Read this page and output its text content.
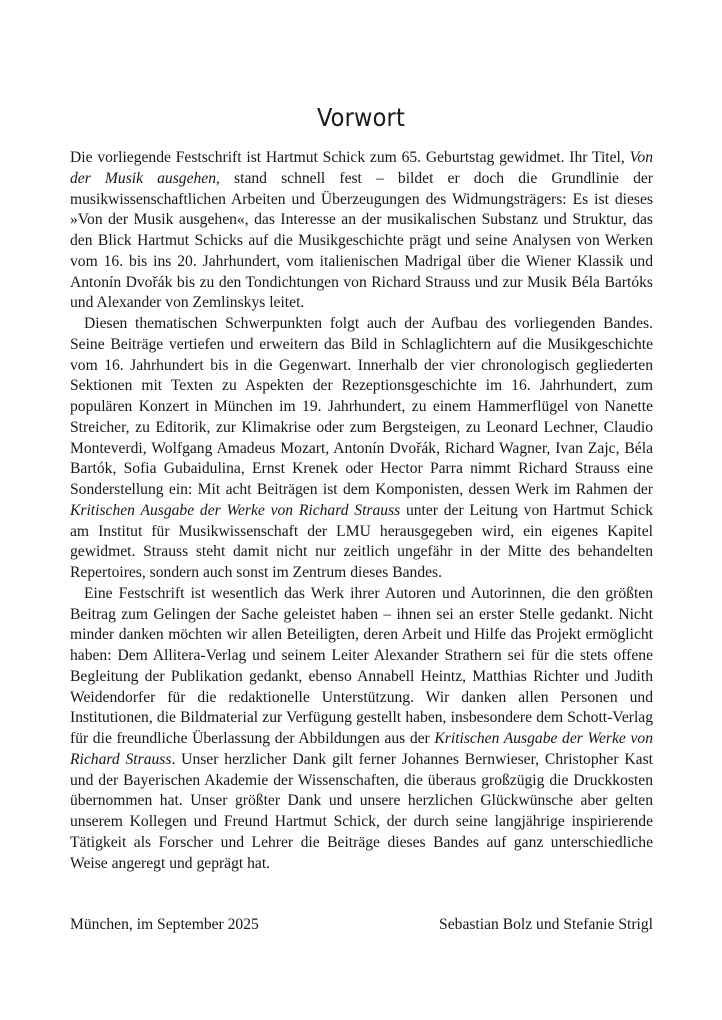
Vorwort

Die vorliegende Festschrift ist Hartmut Schick zum 65. Geburtstag gewidmet. Ihr Titel, Von der Musik ausgehen, stand schnell fest – bildet er doch die Grundlinie der musikwissenschaftlichen Arbeiten und Überzeugungen des Widmungsträgers: Es ist dieses »Von der Musik ausgehen«, das Interesse an der musikalischen Substanz und Struktur, das den Blick Hartmut Schicks auf die Musikgeschichte prägt und seine Analysen von Werken vom 16. bis ins 20. Jahrhundert, vom italienischen Madrigal über die Wiener Klassik und Antonín Dvořák bis zu den Tondichtungen von Richard Strauss und zur Musik Béla Bartóks und Alexander von Zemlinskys leitet.

Diesen thematischen Schwerpunkten folgt auch der Aufbau des vorliegenden Bandes. Seine Beiträge vertiefen und erweitern das Bild in Schlaglichtern auf die Musikgeschichte vom 16. Jahrhundert bis in die Gegenwart. Innerhalb der vier chronologisch gegliederten Sektionen mit Texten zu Aspekten der Rezeptionsgeschichte im 16. Jahrhundert, zum populären Konzert in München im 19. Jahrhundert, zu einem Hammerflügel von Nanette Streicher, zu Editorik, zur Klimakrise oder zum Bergsteigen, zu Leonard Lechner, Claudio Monteverdi, Wolfgang Amadeus Mozart, Antonín Dvořák, Richard Wagner, Ivan Zajc, Béla Bartók, Sofia Gubaidulina, Ernst Krenek oder Hector Parra nimmt Richard Strauss eine Sonderstellung ein: Mit acht Beiträgen ist dem Komponisten, dessen Werk im Rahmen der Kritischen Ausgabe der Werke von Richard Strauss unter der Leitung von Hartmut Schick am Institut für Musikwissenschaft der LMU herausgegeben wird, ein eigenes Kapitel gewidmet. Strauss steht damit nicht nur zeitlich ungefähr in der Mitte des behandelten Repertoires, sondern auch sonst im Zentrum dieses Bandes.

Eine Festschrift ist wesentlich das Werk ihrer Autoren und Autorinnen, die den größten Beitrag zum Gelingen der Sache geleistet haben – ihnen sei an erster Stelle gedankt. Nicht minder danken möchten wir allen Beteiligten, deren Arbeit und Hilfe das Projekt ermöglicht haben: Dem Allitera-Verlag und seinem Leiter Alexander Strathern sei für die stets offene Begleitung der Publikation gedankt, ebenso Annabell Heintz, Matthias Richter und Judith Weidendorfer für die redaktionelle Unterstützung. Wir danken allen Personen und Institutionen, die Bildmaterial zur Verfügung gestellt haben, insbesondere dem Schott-Verlag für die freundliche Überlassung der Abbildungen aus der Kritischen Ausgabe der Werke von Richard Strauss. Unser herzlicher Dank gilt ferner Johannes Bernwieser, Christopher Kast und der Bayerischen Akademie der Wissenschaften, die überaus großzügig die Druckkosten übernommen hat. Unser größter Dank und unsere herzlichen Glückwünsche aber gelten unserem Kollegen und Freund Hartmut Schick, der durch seine langjährige inspirierende Tätigkeit als Forscher und Lehrer die Beiträge dieses Bandes auf ganz unterschiedliche Weise angeregt und geprägt hat.

München, im September 2025	Sebastian Bolz und Stefanie Strigl
